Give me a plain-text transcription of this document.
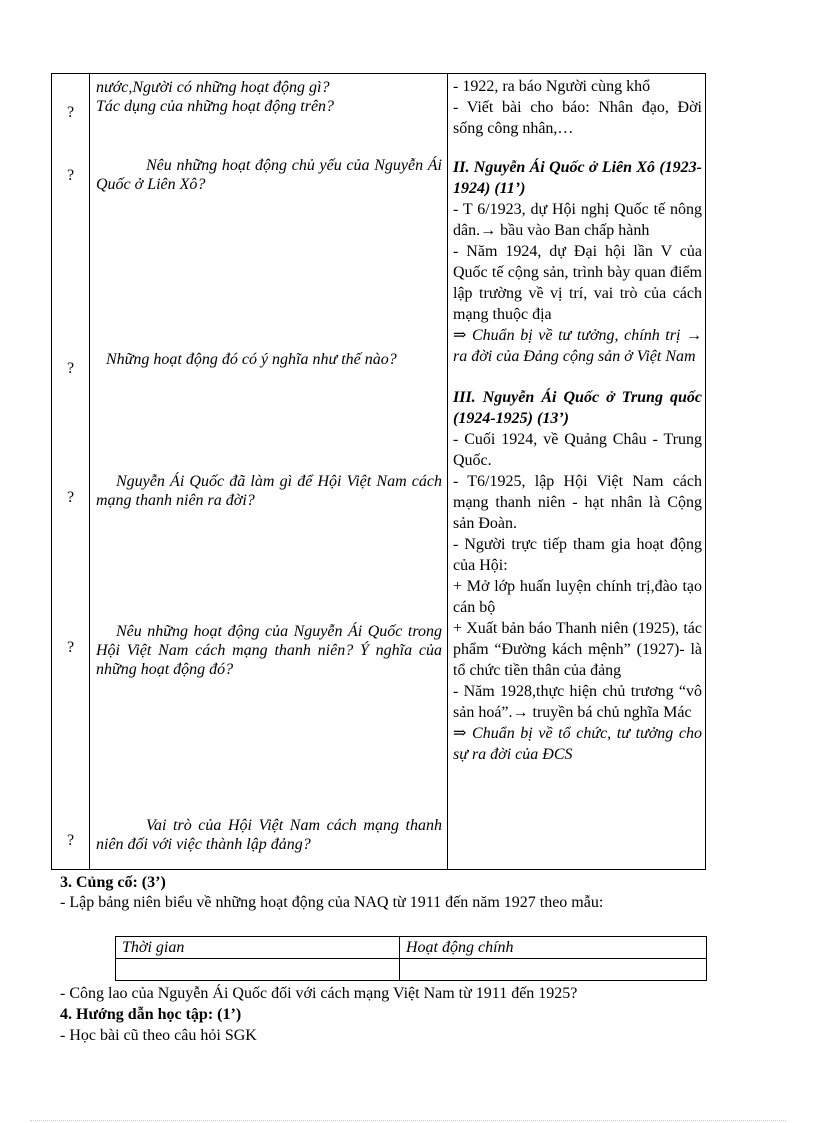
?
?
?
?
?
?
nước,Người có những hoạt động gì?
Tác dụng của những hoạt động trên?
Nêu những hoạt động chủ yếu của Nguyễn Ái Quốc ở Liên Xô?
Những hoạt động đó có ý nghĩa như thế nào?
Nguyễn Ái Quốc đã làm gì để Hội Việt Nam cách mạng thanh niên ra đời?
Nêu những hoạt động của Nguyễn Ái Quốc trong Hội Việt Nam cách mạng thanh niên? Ý nghĩa của những hoạt động đó?
Vai trò của Hội Việt Nam cách mạng thanh niên đối với việc thành lập đảng?

- 1922, ra báo Người cùng khổ

- Viết bài cho báo: Nhân đạo, Đời sống công nhân,…

II. Nguyễn Ái Quốc ở Liên Xô (1923-1924) (11’)

- T 6/1923, dự Hội nghị Quốc tế nông dân.→ bầu vào Ban chấp hành

- Năm 1924, dự Đại hội lần V của Quốc tế cộng sản, trình bày quan điểm lập trường về vị trí, vai trò của cách mạng thuộc địa

⇒ Chuẩn bị về tư tưởng, chính trị → ra đời của Đảng cộng sản ở Việt Nam

III. Nguyễn Ái Quốc ở Trung quốc (1924-1925) (13’)

- Cuối 1924, về Quảng Châu - Trung Quốc.

- T6/1925, lập Hội Việt Nam cách mạng thanh niên - hạt nhân là Cộng sản Đoàn.

- Người trực tiếp tham gia hoạt động của Hội:

+ Mở lớp huấn luyện chính trị,đào tạo cán bộ

+ Xuất bản báo Thanh niên (1925), tác phẩm “Đường kách mệnh” (1927)- là tổ chức tiền thân của đảng

- Năm 1928,thực hiện chủ trương “vô sản hoá”.→ truyền bá chủ nghĩa Mác

⇒ Chuẩn bị về tổ chức, tư tưởng cho sự ra đời của ĐCS

3. Củng cố: (3’)
- Lập bảng niên biểu về những hoạt động của NAQ từ 1911 đến năm 1927 theo mẫu:
Thời gian	Hoạt động chính
- Công lao của Nguyễn Ái Quốc đối với cách mạng Việt Nam từ 1911 đến 1925?
4. Hướng dẫn học tập: (1’)
- Học bài cũ theo câu hỏi SGK
